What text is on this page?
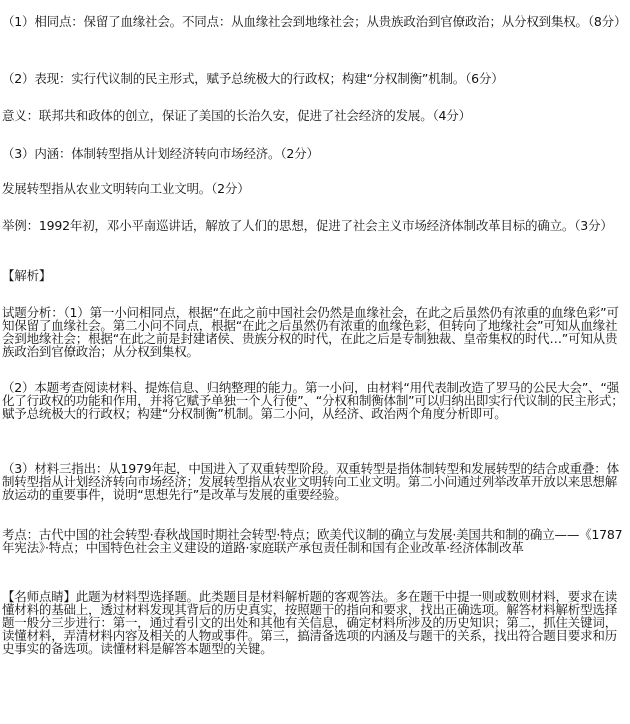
（1）相同点：保留了血缘社会。不同点：从血缘社会到地缘社会；从贵族政治到官僚政治；从分权到集权。（8分）

（2）表现：实行代议制的民主形式，赋予总统极大的行政权；构建“分权制衡”机制。（6分）

意义：联邦共和政体的创立，保证了美国的长治久安，促进了社会经济的发展。（4分）

（3）内涵：体制转型指从计划经济转向市场经济。（2分）

发展转型指从农业文明转向工业文明。（2分）

举例：1992年初，邓小平南巡讲话，解放了人们的思想，促进了社会主义市场经济体制改革目标的确立。（3分）

【解析】

试题分析：（1）第一小问相同点，根据“在此之前中国社会仍然是血缘社会，在此之后虽然仍有浓重的血缘色彩”可知保留了血缘社会。第二小问不同点，根据“在此之后虽然仍有浓重的血缘色彩，但转向了地缘社会”可知从血缘社会到地缘社会；根据“在此之前是封建诸侯、贵族分权的时代，在此之后是专制独裁、皇帝集权的时代…”可知从贵族政治到官僚政治；从分权到集权。

（2）本题考查阅读材料、提炼信息、归纳整理的能力。第一小问，由材料“用代表制改造了罗马的公民大会”、“强化了行政权的功能和作用，并将它赋予单独一个人行使”、“分权和制衡体制”可以归纳出即实行代议制的民主形式；赋予总统极大的行政权；构建“分权制衡”机制。第二小问，从经济、政治两个角度分析即可。

（3）材料三指出：从1979年起，中国进入了双重转型阶段。双重转型是指体制转型和发展转型的结合或重叠：体制转型指从计划经济转向市场经济；发展转型指从农业文明转向工业文明。第二小问通过列举改革开放以来思想解放运动的重要事件，说明“思想先行”是改革与发展的重要经验。

考点：古代中国的社会转型·春秋战国时期社会转型·特点；欧美代议制的确立与发展·美国共和制的确立——《1787年宪法》·特点；中国特色社会主义建设的道路·家庭联产承包责任制和国有企业改革·经济体制改革

【名师点睛】此题为材料型选择题。此类题目是材料解析题的客观答法。多在题干中提一则或数则材料，要求在读懂材料的基础上，透过材料发现其背后的历史真实，按照题干的指向和要求，找出正确选项。解答材料解析型选择题一般分三步进行：第一，通过看引文的出处和其他有关信息，确定材料所涉及的历史知识；第二，抓住关键词，读懂材料，弄清材料内容及相关的人物或事件。第三，搞清备选项的内涵及与题干的关系，找出符合题目要求和历史事实的备选项。读懂材料是解答本题型的关键。
